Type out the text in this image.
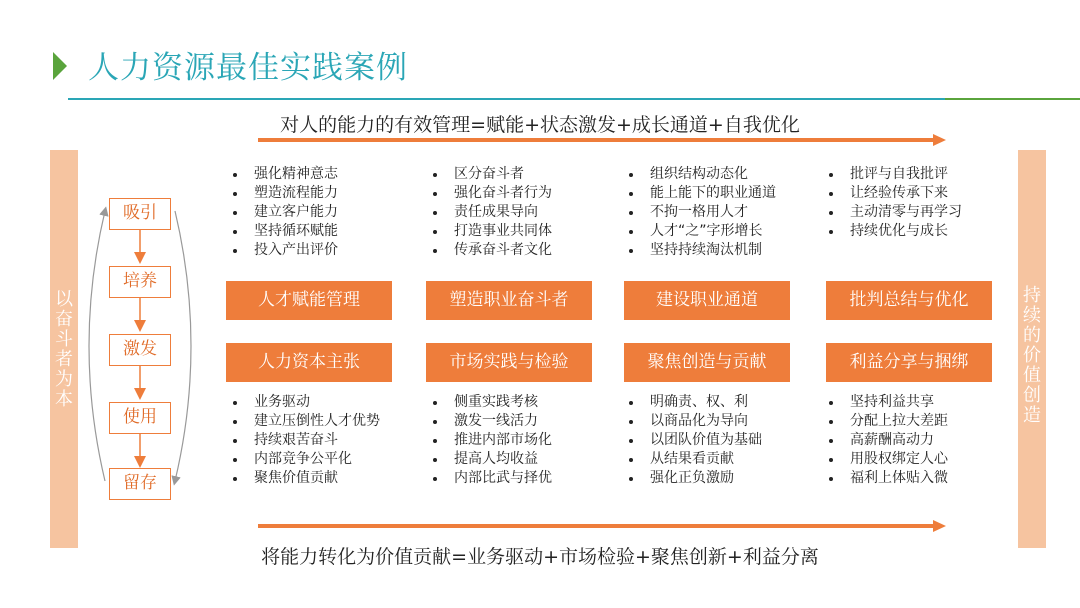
人力资源最佳实践案例
对人的能力的有效管理=赋能+状态激发+成长通道+自我优化
以奋斗者为本
持续的价值创造
吸引
培养
激发
使用
留存
强化精神意志
塑造流程能力
建立客户能力
坚持循环赋能
投入产出评价
人才赋能管理
人力资本主张
业务驱动
建立压倒性人才优势
持续艰苦奋斗
内部竞争公平化
聚焦价值贡献
区分奋斗者
强化奋斗者行为
责任成果导向
打造事业共同体
传承奋斗者文化
塑造职业奋斗者
市场实践与检验
侧重实践考核
激发一线活力
推进内部市场化
提高人均收益
内部比武与择优
组织结构动态化
能上能下的职业通道
不拘一格用人才
人才“之”字形增长
坚持持续淘汰机制
建设职业通道
聚焦创造与贡献
明确责、权、利
以商品化为导向
以团队价值为基础
从结果看贡献
强化正负激励
批评与自我批评
让经验传承下来
主动清零与再学习
持续优化与成长
批判总结与优化
利益分享与捆绑
坚持利益共享
分配上拉大差距
高薪酬高动力
用股权绑定人心
福利上体贴入微
将能力转化为价值贡献=业务驱动+市场检验+聚焦创新+利益分离
